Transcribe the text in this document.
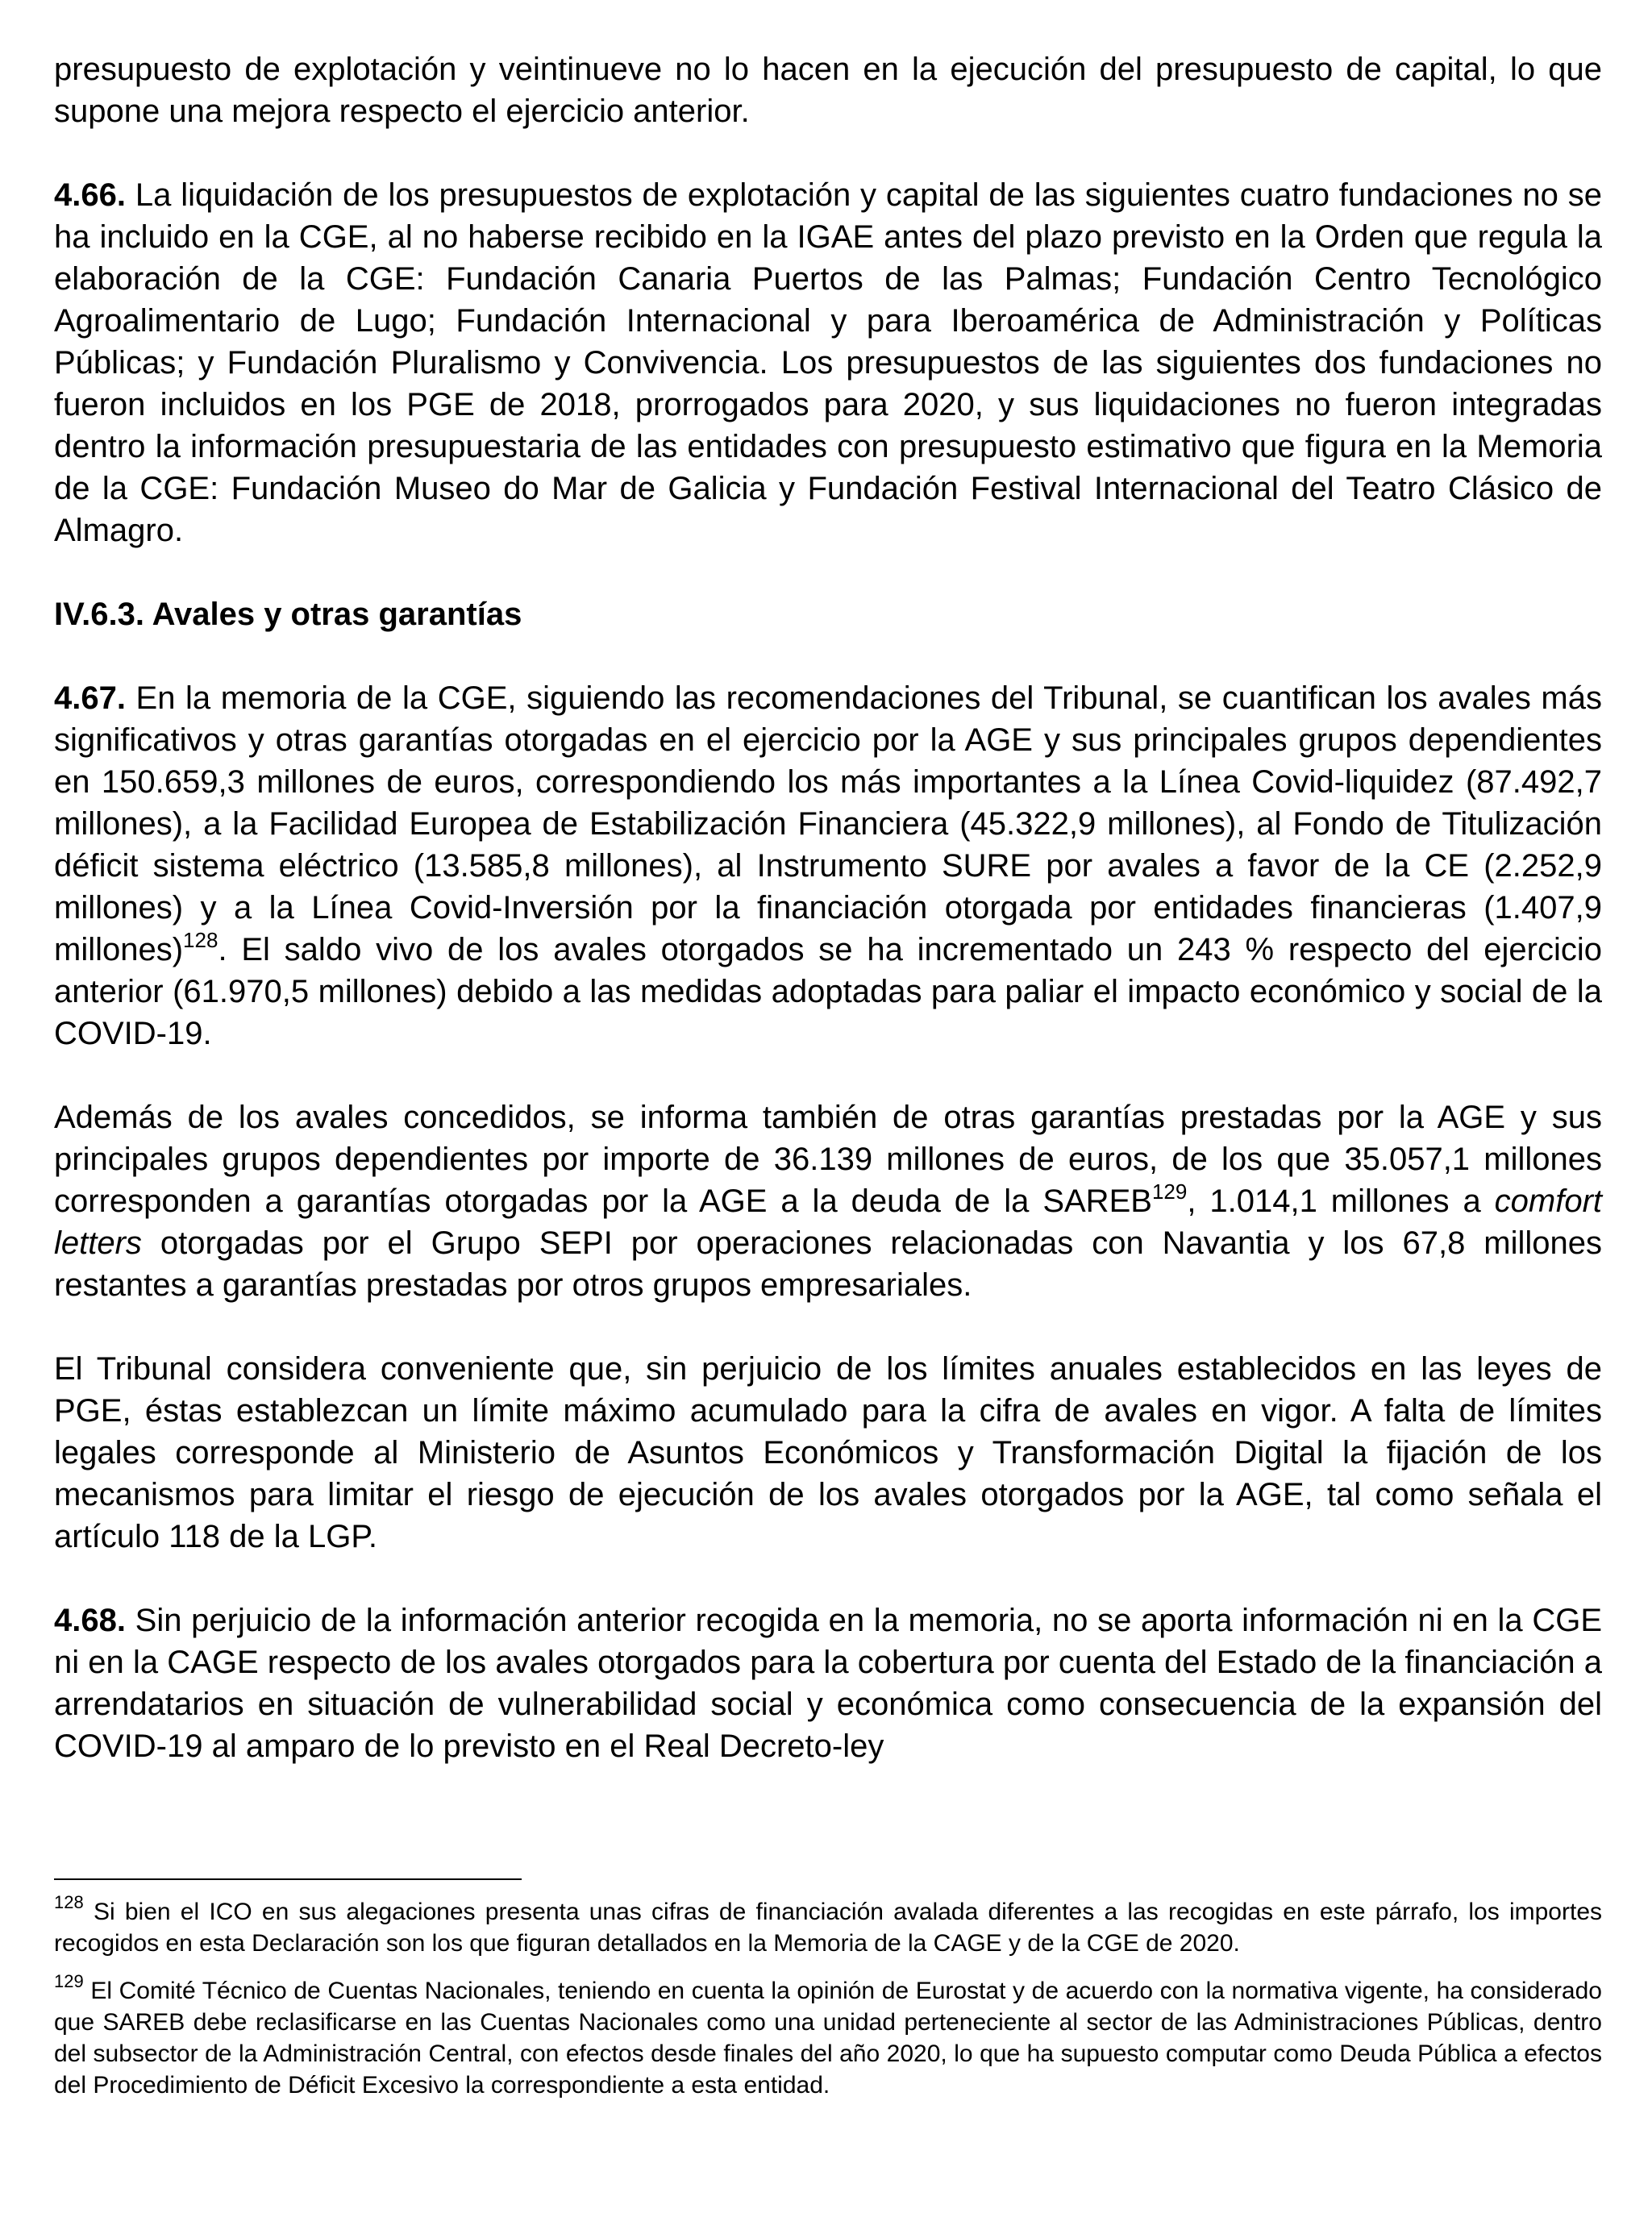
presupuesto de explotación y veintinueve no lo hacen en la ejecución del presupuesto de capital, lo que supone una mejora respecto el ejercicio anterior.

4.66. La liquidación de los presupuestos de explotación y capital de las siguientes cuatro fundaciones no se ha incluido en la CGE, al no haberse recibido en la IGAE antes del plazo previsto en la Orden que regula la elaboración de la CGE: Fundación Canaria Puertos de las Palmas; Fundación Centro Tecnológico Agroalimentario de Lugo; Fundación Internacional y para Iberoamérica de Administración y Políticas Públicas; y Fundación Pluralismo y Convivencia. Los presupuestos de las siguientes dos fundaciones no fueron incluidos en los PGE de 2018, prorrogados para 2020, y sus liquidaciones no fueron integradas dentro la información presupuestaria de las entidades con presupuesto estimativo que figura en la Memoria de la CGE: Fundación Museo do Mar de Galicia y Fundación Festival Internacional del Teatro Clásico de Almagro.

IV.6.3. Avales y otras garantías

4.67. En la memoria de la CGE, siguiendo las recomendaciones del Tribunal, se cuantifican los avales más significativos y otras garantías otorgadas en el ejercicio por la AGE y sus principales grupos dependientes en 150.659,3 millones de euros, correspondiendo los más importantes a la Línea Covid-liquidez (87.492,7 millones), a la Facilidad Europea de Estabilización Financiera (45.322,9 millones), al Fondo de Titulización déficit sistema eléctrico (13.585,8 millones), al Instrumento SURE por avales a favor de la CE (2.252,9 millones) y a la Línea Covid-Inversión por la financiación otorgada por entidades financieras (1.407,9 millones)$^{128}$. El saldo vivo de los avales otorgados se ha incrementado un 243 % respecto del ejercicio anterior (61.970,5 millones) debido a las medidas adoptadas para paliar el impacto económico y social de la COVID-19.

Además de los avales concedidos, se informa también de otras garantías prestadas por la AGE y sus principales grupos dependientes por importe de 36.139 millones de euros, de los que 35.057,1 millones corresponden a garantías otorgadas por la AGE a la deuda de la SAREB$^{129}$, 1.014,1 millones a comfort letters otorgadas por el Grupo SEPI por operaciones relacionadas con Navantia y los 67,8 millones restantes a garantías prestadas por otros grupos empresariales.

El Tribunal considera conveniente que, sin perjuicio de los límites anuales establecidos en las leyes de PGE, éstas establezcan un límite máximo acumulado para la cifra de avales en vigor. A falta de límites legales corresponde al Ministerio de Asuntos Económicos y Transformación Digital la fijación de los mecanismos para limitar el riesgo de ejecución de los avales otorgados por la AGE, tal como señala el artículo 118 de la LGP.

4.68. Sin perjuicio de la información anterior recogida en la memoria, no se aporta información ni en la CGE ni en la CAGE respecto de los avales otorgados para la cobertura por cuenta del Estado de la financiación a arrendatarios en situación de vulnerabilidad social y económica como consecuencia de la expansión del COVID-19 al amparo de lo previsto en el Real Decreto-ley

$^{128}$ Si bien el ICO en sus alegaciones presenta unas cifras de financiación avalada diferentes a las recogidas en este párrafo, los importes recogidos en esta Declaración son los que figuran detallados en la Memoria de la CAGE y de la CGE de 2020.

$^{129}$ El Comité Técnico de Cuentas Nacionales, teniendo en cuenta la opinión de Eurostat y de acuerdo con la normativa vigente, ha considerado que SAREB debe reclasificarse en las Cuentas Nacionales como una unidad perteneciente al sector de las Administraciones Públicas, dentro del subsector de la Administración Central, con efectos desde finales del año 2020, lo que ha supuesto computar como Deuda Pública a efectos del Procedimiento de Déficit Excesivo la correspondiente a esta entidad.
